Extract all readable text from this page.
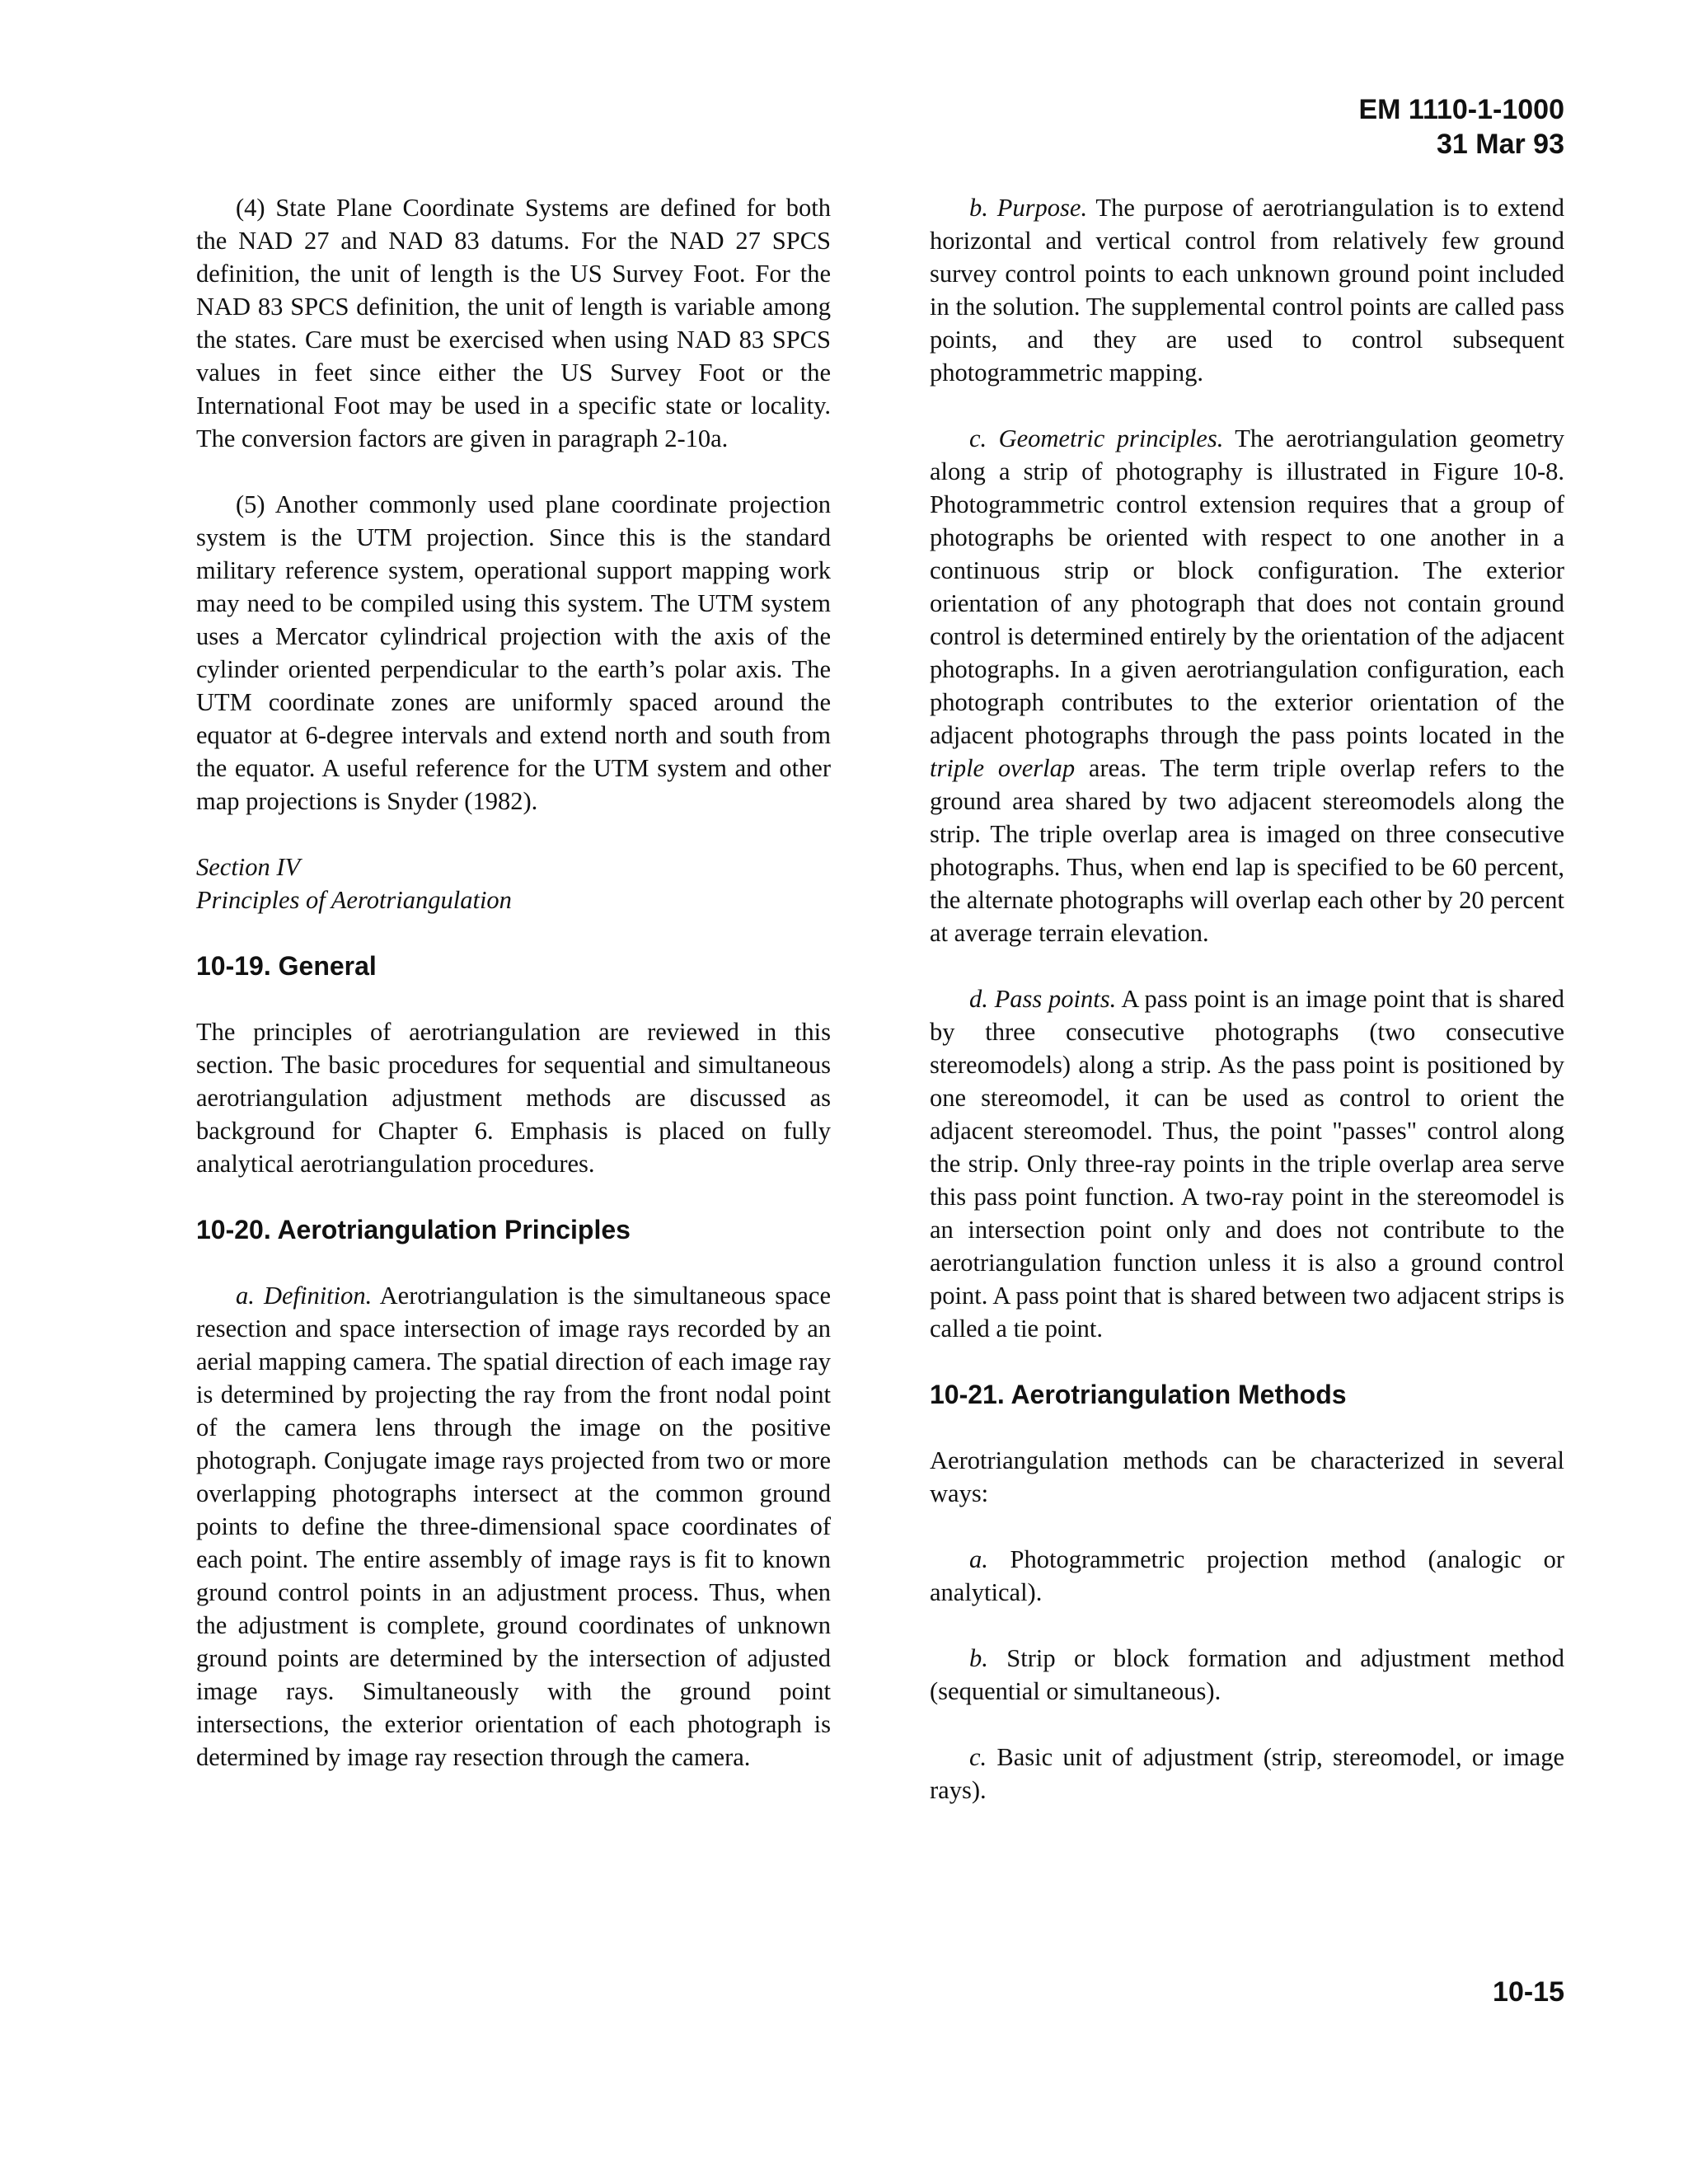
EM 1110-1-1000
31 Mar 93

(4) State Plane Coordinate Systems are defined for both the NAD 27 and NAD 83 datums. For the NAD 27 SPCS definition, the unit of length is the US Survey Foot. For the NAD 83 SPCS definition, the unit of length is variable among the states. Care must be exercised when using NAD 83 SPCS values in feet since either the US Survey Foot or the International Foot may be used in a specific state or locality. The conversion factors are given in paragraph 2-10a.

(5) Another commonly used plane coordinate projection system is the UTM projection. Since this is the standard military reference system, operational support mapping work may need to be compiled using this system. The UTM system uses a Mercator cylindrical projection with the axis of the cylinder oriented perpendicular to the earth’s polar axis. The UTM coordinate zones are uniformly spaced around the equator at 6-degree intervals and extend north and south from the equator. A useful reference for the UTM system and other map projections is Snyder (1982).

Section IV
Principles of Aerotriangulation
10-19. General

The principles of aerotriangulation are reviewed in this section. The basic procedures for sequential and simultaneous aerotriangulation adjustment methods are discussed as background for Chapter 6. Emphasis is placed on fully analytical aerotriangulation procedures.

10-20. Aerotriangulation Principles

a. Definition. Aerotriangulation is the simultaneous space resection and space intersection of image rays recorded by an aerial mapping camera. The spatial direction of each image ray is determined by projecting the ray from the front nodal point of the camera lens through the image on the positive photograph. Conjugate image rays projected from two or more overlapping photographs intersect at the common ground points to define the three-dimensional space coordinates of each point. The entire assembly of image rays is fit to known ground control points in an adjustment process. Thus, when the adjustment is complete, ground coordinates of unknown ground points are determined by the intersection of adjusted image rays. Simultaneously with the ground point intersections, the exterior orientation of each photograph is determined by image ray resection through the camera.

b. Purpose. The purpose of aerotriangulation is to extend horizontal and vertical control from relatively few ground survey control points to each unknown ground point included in the solution. The supplemental control points are called pass points, and they are used to control subsequent photogrammetric mapping.

c. Geometric principles. The aerotriangulation geometry along a strip of photography is illustrated in Figure 10-8. Photogrammetric control extension requires that a group of photographs be oriented with respect to one another in a continuous strip or block configuration. The exterior orientation of any photograph that does not contain ground control is determined entirely by the orientation of the adjacent photographs. In a given aerotriangulation configuration, each photograph contributes to the exterior orientation of the adjacent photographs through the pass points located in the triple overlap areas. The term triple overlap refers to the ground area shared by two adjacent stereomodels along the strip. The triple overlap area is imaged on three consecutive photographs. Thus, when end lap is specified to be 60 percent, the alternate photographs will overlap each other by 20 percent at average terrain elevation.

d. Pass points. A pass point is an image point that is shared by three consecutive photographs (two consecutive stereomodels) along a strip. As the pass point is positioned by one stereomodel, it can be used as control to orient the adjacent stereomodel. Thus, the point "passes" control along the strip. Only three-ray points in the triple overlap area serve this pass point function. A two-ray point in the stereomodel is an intersection point only and does not contribute to the aerotriangulation function unless it is also a ground control point. A pass point that is shared between two adjacent strips is called a tie point.

10-21. Aerotriangulation Methods

Aerotriangulation methods can be characterized in several ways:

a. Photogrammetric projection method (analogic or analytical).

b. Strip or block formation and adjustment method (sequential or simultaneous).

c. Basic unit of adjustment (strip, stereomodel, or image rays).

10-15
